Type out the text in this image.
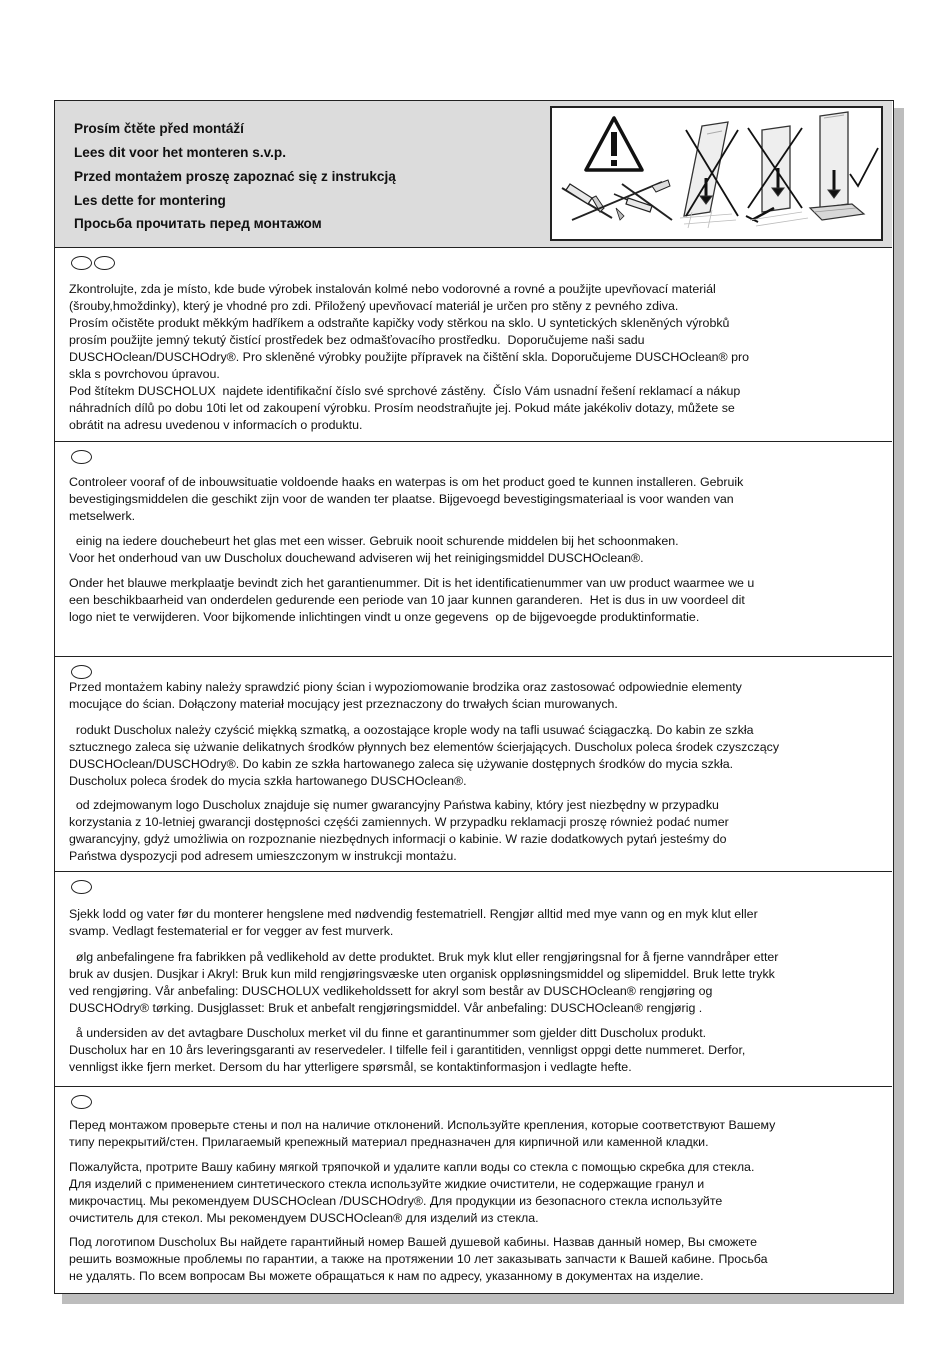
Prosím čtěte před montáží
Lees dit voor het monteren s.v.p.
Przed montażem proszę zapoznać się z instrukcją
Les dette for montering
Просьба прочитать перед монтажом

Zkontrolujte, zda je místo, kde bude výrobek instalován kolmé nebo vodorovné a rovné a použijte upevňovací materiál
(šrouby,hmoždinky), který je vhodné pro zdi. Přiložený upevňovací materiál je určen pro stěny z pevného zdiva.
Prosím očistěte produkt měkkým hadříkem a odstraňte kapičky vody stěrkou na sklo. U syntetických skleněných výrobků
prosím použijte jemný tekutý čistící prostředek bez odmašťovacího prostředku.  Doporučujeme naši sadu
DUSCHOclean/DUSCHOdry®. Pro skleněné výrobky použijte přípravek na čištění skla. Doporučujeme DUSCHOclean® pro
skla s povrchovou úpravou.
Pod štítekm DUSCHOLUX  najdete identifikační číslo své sprchové zástěny.  Číslo Vám usnadní řešení reklamací a nákup
náhradních dílů po dobu 10ti let od zakoupení výrobku. Prosím neodstraňujte jej. Pokud máte jakékoliv dotazy, můžete se
obrátit na adresu uvedenou v informacích o produktu.

Controleer vooraf of de inbouwsituatie voldoende haaks en waterpas is om het product goed te kunnen installeren. Gebruik
bevestigingsmiddelen die geschikt zijn voor de wanden ter plaatse. Bijgevoegd bevestigingsmateriaal is voor wanden van
metselwerk.

einig na iedere douchebeurt het glas met een wisser. Gebruik nooit schurende middelen bij het schoonmaken.
Voor het onderhoud van uw Duscholux douchewand adviseren wij het reinigingsmiddel DUSCHOclean®.

Onder het blauwe merkplaatje bevindt zich het garantienummer. Dit is het identificatienummer van uw product waarmee we u
een beschikbaarheid van onderdelen gedurende een periode van 10 jaar kunnen garanderen.  Het is dus in uw voordeel dit
logo niet te verwijderen. Voor bijkomende inlichtingen vindt u onze gegevens  op de bijgevoegde produktinformatie.

Przed montażem kabiny należy sprawdzić piony ścian i wypoziomowanie brodzika oraz zastosować odpowiednie elementy
mocujące do ścian. Dołączony materiał mocujący jest przeznaczony do trwałych ścian murowanych.

rodukt Duscholux należy czyścić miękką szmatką, a oozostające krople wody na tafli usuwać ściągaczką. Do kabin ze szkła
sztucznego zaleca się użwanie delikatnych środków płynnych bez elementów ścierjających. Duscholux poleca środek czyszczący
DUSCHOclean/DUSCHOdry®. Do kabin ze szkła hartowanego zaleca się używanie dostępnych środków do mycia szkła.
Duscholux poleca środek do mycia szkła hartowanego DUSCHOclean®.

od zdejmowanym logo Duscholux znajduje się numer gwarancyjny Państwa kabiny, który jest niezbędny w przypadku
korzystania z 10-letniej gwarancji dostępności częśći zamiennych. W przypadku reklamacji proszę również podać numer
gwarancyjny, gdyż umożliwia on rozpoznanie niezbędnych informacji o kabinie. W razie dodatkowych pytań jesteśmy do
Państwa dyspozycji pod adresem umieszczonym w instrukcji montażu.

Sjekk lodd og vater før du monterer hengslene med nødvendig festematriell. Rengjør alltid med mye vann og en myk klut eller
svamp. Vedlagt festematerial er for vegger av fest murverk.

ølg anbefalingene fra fabrikken på vedlikehold av dette produktet. Bruk myk klut eller rengjøringsnal for å fjerne vanndråper etter
bruk av dusjen. Dusjkar i Akryl: Bruk kun mild rengjøringsvæske uten organisk oppløsningsmiddel og slipemiddel. Bruk lette trykk
ved rengjøring. Vår anbefaling: DUSCHOLUX vedlikeholdssett for akryl som består av DUSCHOclean® rengjøring og
DUSCHOdry® tørking. Dusjglasset: Bruk et anbefalt rengjøringsmiddel. Vår anbefaling: DUSCHOclean® rengjørig .

å undersiden av det avtagbare Duscholux merket vil du finne et garantinummer som gjelder ditt Duscholux produkt.
Duscholux har en 10 års leveringsgaranti av reservedeler. I tilfelle feil i garantitiden, vennligst oppgi dette nummeret. Derfor,
vennligst ikke fjern merket. Dersom du har ytterligere spørsmål, se kontaktinformasjon i vedlagte hefte.

Перед монтажом проверьте стены и пол на наличие отклонений. Используйте крепления, которые соответствуют Вашему
типу перекрытий/стен. Прилагаемый крепежный материал предназначен для кирпичной или каменной кладки.

Пожалуйста, протрите Вашу кабину мягкой тряпочкой и удалите капли воды со стекла с помощью скребка для стекла.
Для изделий с применением синтетического стекла используйте жидкие очистители, не содержащие гранул и
микрочастиц. Мы рекомендуем DUSCHOclean /DUSCHOdry®. Для продукции из безопасного стекла используйте
очиститель для стекол. Мы рекомендуем DUSCHOclean® для изделий из стекла.

Под логотипом Duscholux Вы найдете гарантийный номер Вашей душевой кабины. Назвав данный номер, Вы сможете
решить возможные проблемы по гарантии, а также на протяжении 10 лет заказывать запчасти к Вашей кабине. Просьба
не удалять. По всем вопросам Вы можете обращаться к нам по адресу, указанному в документах на изделие.
